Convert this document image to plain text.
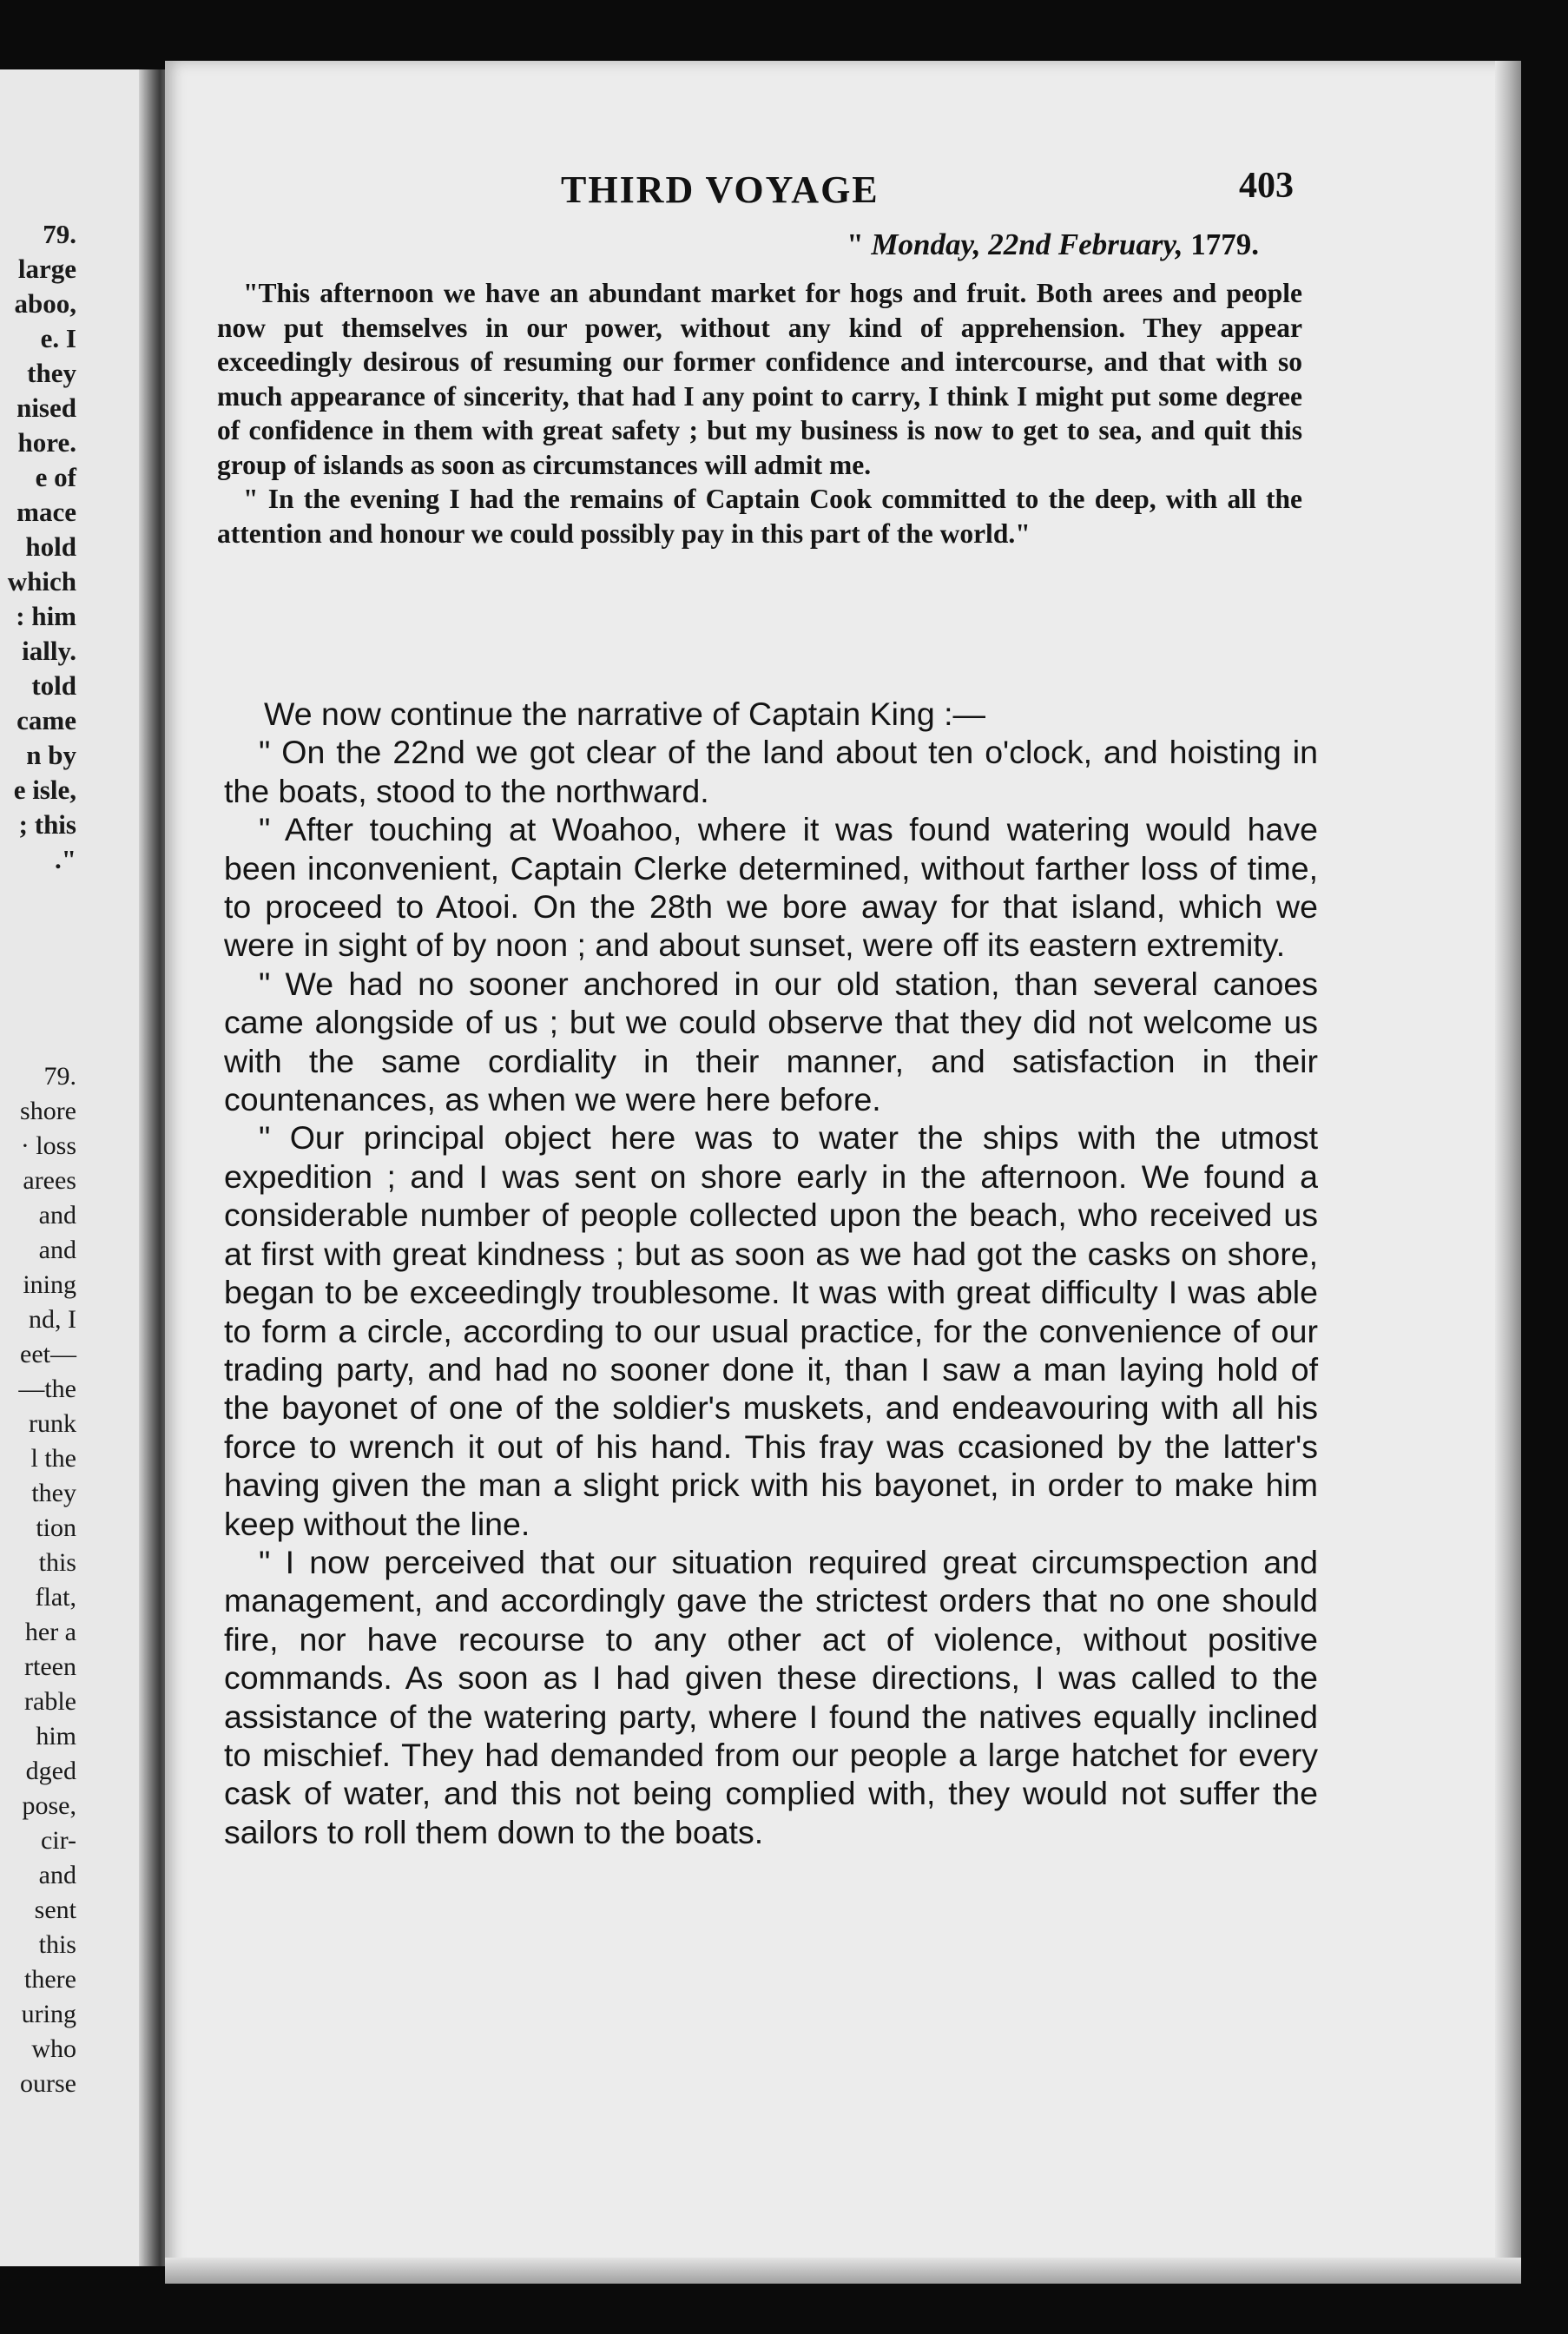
79.
large
aboo,
e. I
they
nised
hore.
e of
mace
hold
which
: him
ially.
told
came
n by
e isle,
; this
."
79.
shore
· loss
arees
and
and
ining
nd, I
eet—
—the
runk
l the
they
tion
this
flat,
her a
rteen
rable
him
dged
pose,
cir-
and
sent
this
there
uring
who
ourse
THIRD VOYAGE	403
" Monday, 22nd February, 1779.

"This afternoon we have an abundant market for hogs and fruit. Both arees and people now put themselves in our power, without any kind of apprehension. They appear exceedingly desirous of resuming our former confidence and intercourse, and that with so much appearance of sincerity, that had I any point to carry, I think I might put some degree of confidence in them with great safety ; but my business is now to get to sea, and quit this group of islands as soon as circumstances will admit me.

" In the evening I had the remains of Captain Cook committed to the deep, with all the attention and honour we could possibly pay in this part of the world."

We now continue the narrative of Captain King :—

" On the 22nd we got clear of the land about ten o'clock, and hoisting in the boats, stood to the northward.

" After touching at Woahoo, where it was found watering would have been inconvenient, Captain Clerke determined, without farther loss of time, to proceed to Atooi. On the 28th we bore away for that island, which we were in sight of by noon ; and about sunset, were off its eastern extremity.

" We had no sooner anchored in our old station, than several canoes came alongside of us ; but we could observe that they did not welcome us with the same cordiality in their manner, and satisfaction in their countenances, as when we were here before.

" Our principal object here was to water the ships with the utmost expedition ; and I was sent on shore early in the afternoon. We found a considerable number of people collected upon the beach, who received us at first with great kindness ; but as soon as we had got the casks on shore, began to be exceedingly troublesome. It was with great difficulty I was able to form a circle, according to our usual practice, for the convenience of our trading party, and had no sooner done it, than I saw a man laying hold of the bayonet of one of the soldier's muskets, and endeavouring with all his force to wrench it out of his hand. This fray was ccasioned by the latter's having given the man a slight prick with his bayonet, in order to make him keep without the line.

" I now perceived that our situation required great circumspection and management, and accordingly gave the strictest orders that no one should fire, nor have recourse to any other act of violence, without positive commands. As soon as I had given these directions, I was called to the assistance of the watering party, where I found the natives equally inclined to mischief. They had demanded from our people a large hatchet for every cask of water, and this not being complied with, they would not suffer the sailors to roll them down to the boats.
